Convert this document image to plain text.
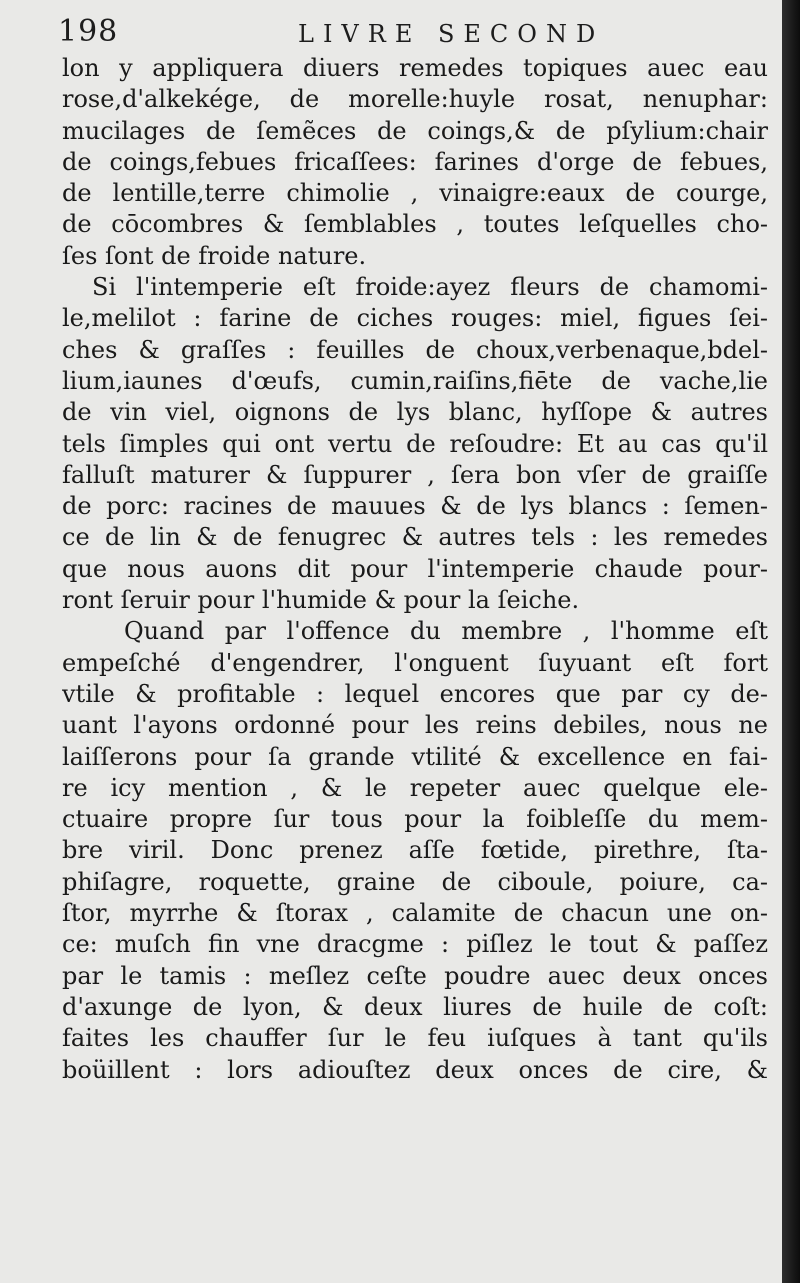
198	LIVRE SECOND
lon y appliquera diuers remedes topiques auec eau
rose,d'alkekége, de morelle:huyle rosat, nenuphar:
mucilages de ſemẽces de coings,& de pſylium:chair
de coings,febues fricaſſees: farines d'orge de febues,
de lentille,terre chimolie , vinaigre:eaux de courge,
de cōcombres & ſemblables , toutes leſquelles cho-
ſes ſont de froide nature.
Si l'intemperie eſt froide:ayez fleurs de chamomi-
le,melilot : farine de ciches rouges: miel, figues ſei-
ches & graſſes : feuilles de choux,verbenaque,bdel-
lium,iaunes d'œufs, cumin,raiſins,fiēte de vache,lie
de vin viel, oignons de lys blanc, hyſſope & autres
tels ſimples qui ont vertu de reſoudre: Et au cas qu'il
falluſt maturer & ſuppurer , ſera bon vſer de graiſſe
de porc: racines de mauues & de lys blancs : ſemen-
ce de lin & de fenugrec & autres tels : les remedes
que nous auons dit pour l'intemperie chaude pour-
ront ſeruir pour l'humide & pour la ſeiche.
Quand par l'offence du membre , l'homme eſt
empeſché d'engendrer, l'onguent ſuyuant eſt fort
vtile & profitable : lequel encores que par cy de-
uant l'ayons ordonné pour les reins debiles, nous ne
laiſſerons pour ſa grande vtilité & excellence en fai-
re icy mention , & le repeter auec quelque ele-
ctuaire propre ſur tous pour la foibleſſe du mem-
bre viril. Donc prenez aſſe fœtide, pirethre, ſta-
phiſagre, roquette, graine de ciboule, poiure, ca-
ſtor, myrrhe & ſtorax , calamite de chacun une on-
ce: muſch fin vne dracgme : piſlez le tout & paſſez
par le tamis : meſlez ceſte poudre auec deux onces
d'axunge de lyon, & deux liures de huile de coſt:
faites les chauffer ſur le feu iuſques à tant qu'ils
boüillent : lors adiouſtez deux onces de cire, &
